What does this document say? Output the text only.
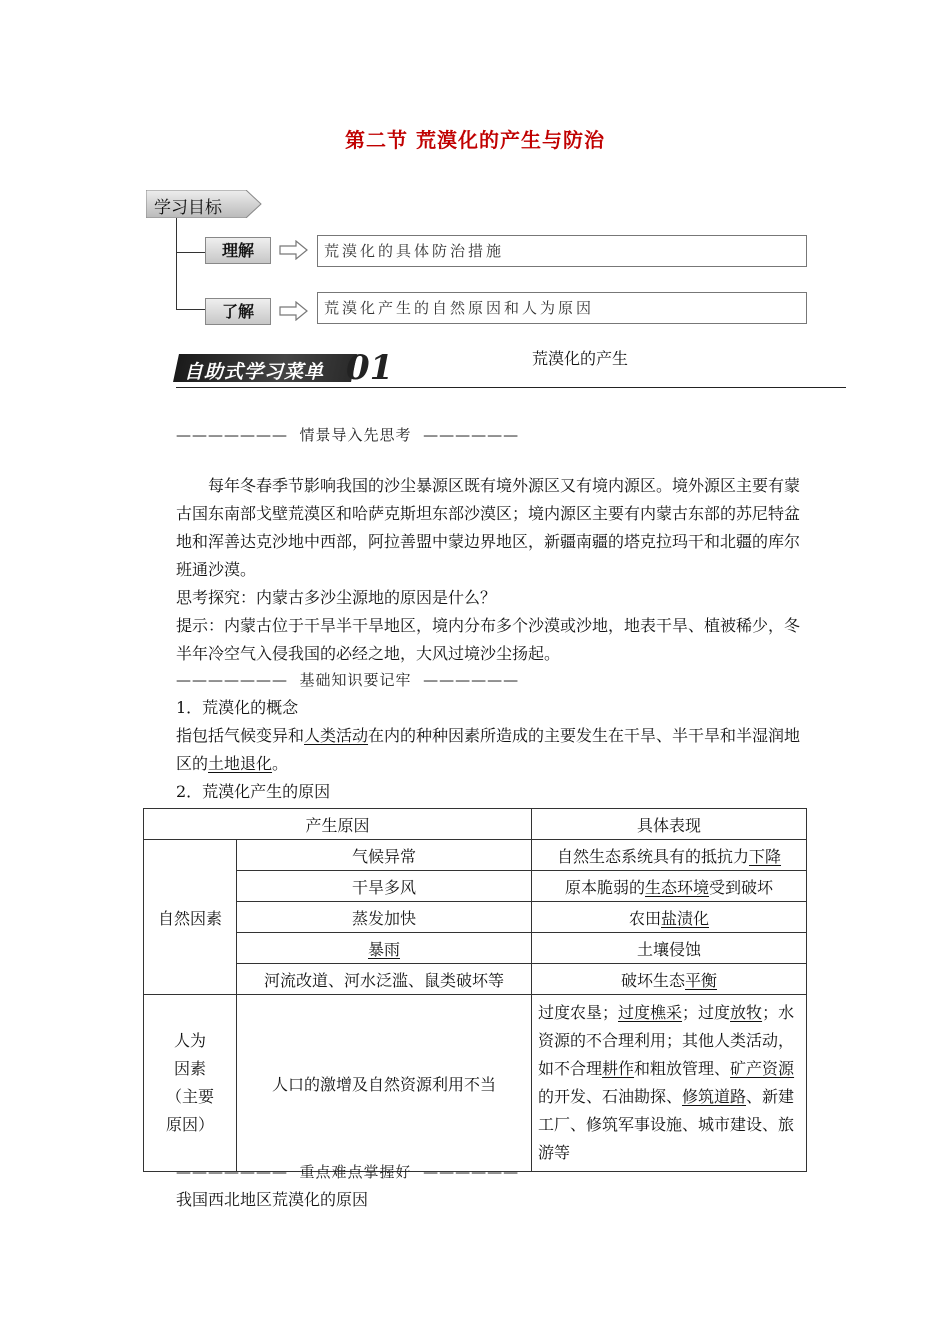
第二节 荒漠化的产生与防治
学习目标
理解	荒漠化的具体防治措施
了解	荒漠化产生的自然原因和人为原因
自助式学习菜单 01	荒漠化的产生
———————  情景导入先思考  ——————
每年冬春季节影响我国的沙尘暴源区既有境外源区又有境内源区。境外源区主要有蒙古国东南部戈壁荒漠区和哈萨克斯坦东部沙漠区；境内源区主要有内蒙古东部的苏尼特盆地和浑善达克沙地中西部，阿拉善盟中蒙边界地区，新疆南疆的塔克拉玛干和北疆的库尔班通沙漠。
思考探究：内蒙古多沙尘源地的原因是什么？
提示：内蒙古位于干旱半干旱地区，境内分布多个沙漠或沙地，地表干旱、植被稀少，冬半年冷空气入侵我国的必经之地，大风过境沙尘扬起。
———————  基础知识要记牢  ——————
1．荒漠化的概念
指包括气候变异和人类活动在内的种种因素所造成的主要发生在干旱、半干旱和半湿润地区的土地退化。
2．荒漠化产生的原因
产生原因		具体表现
自然因素	气候异常	自然生态系统具有的抵抗力下降
	干旱多风	原本脆弱的生态环境受到破坏
	蒸发加快	农田盐渍化
	暴雨	土壤侵蚀
	河流改道、河水泛滥、鼠类破坏等	破坏生态平衡

人为
因素
（主要
原因）	人口的激增及自然资源利用不当	过度农垦；过度樵采；过度放牧；水资源的不合理利用；其他人类活动，如不合理耕作和粗放管理、矿产资源的开发、石油勘探、修筑道路、新建工厂、修筑军事设施、城市建设、旅游等
———————  重点难点掌握好  ——————
我国西北地区荒漠化的原因
